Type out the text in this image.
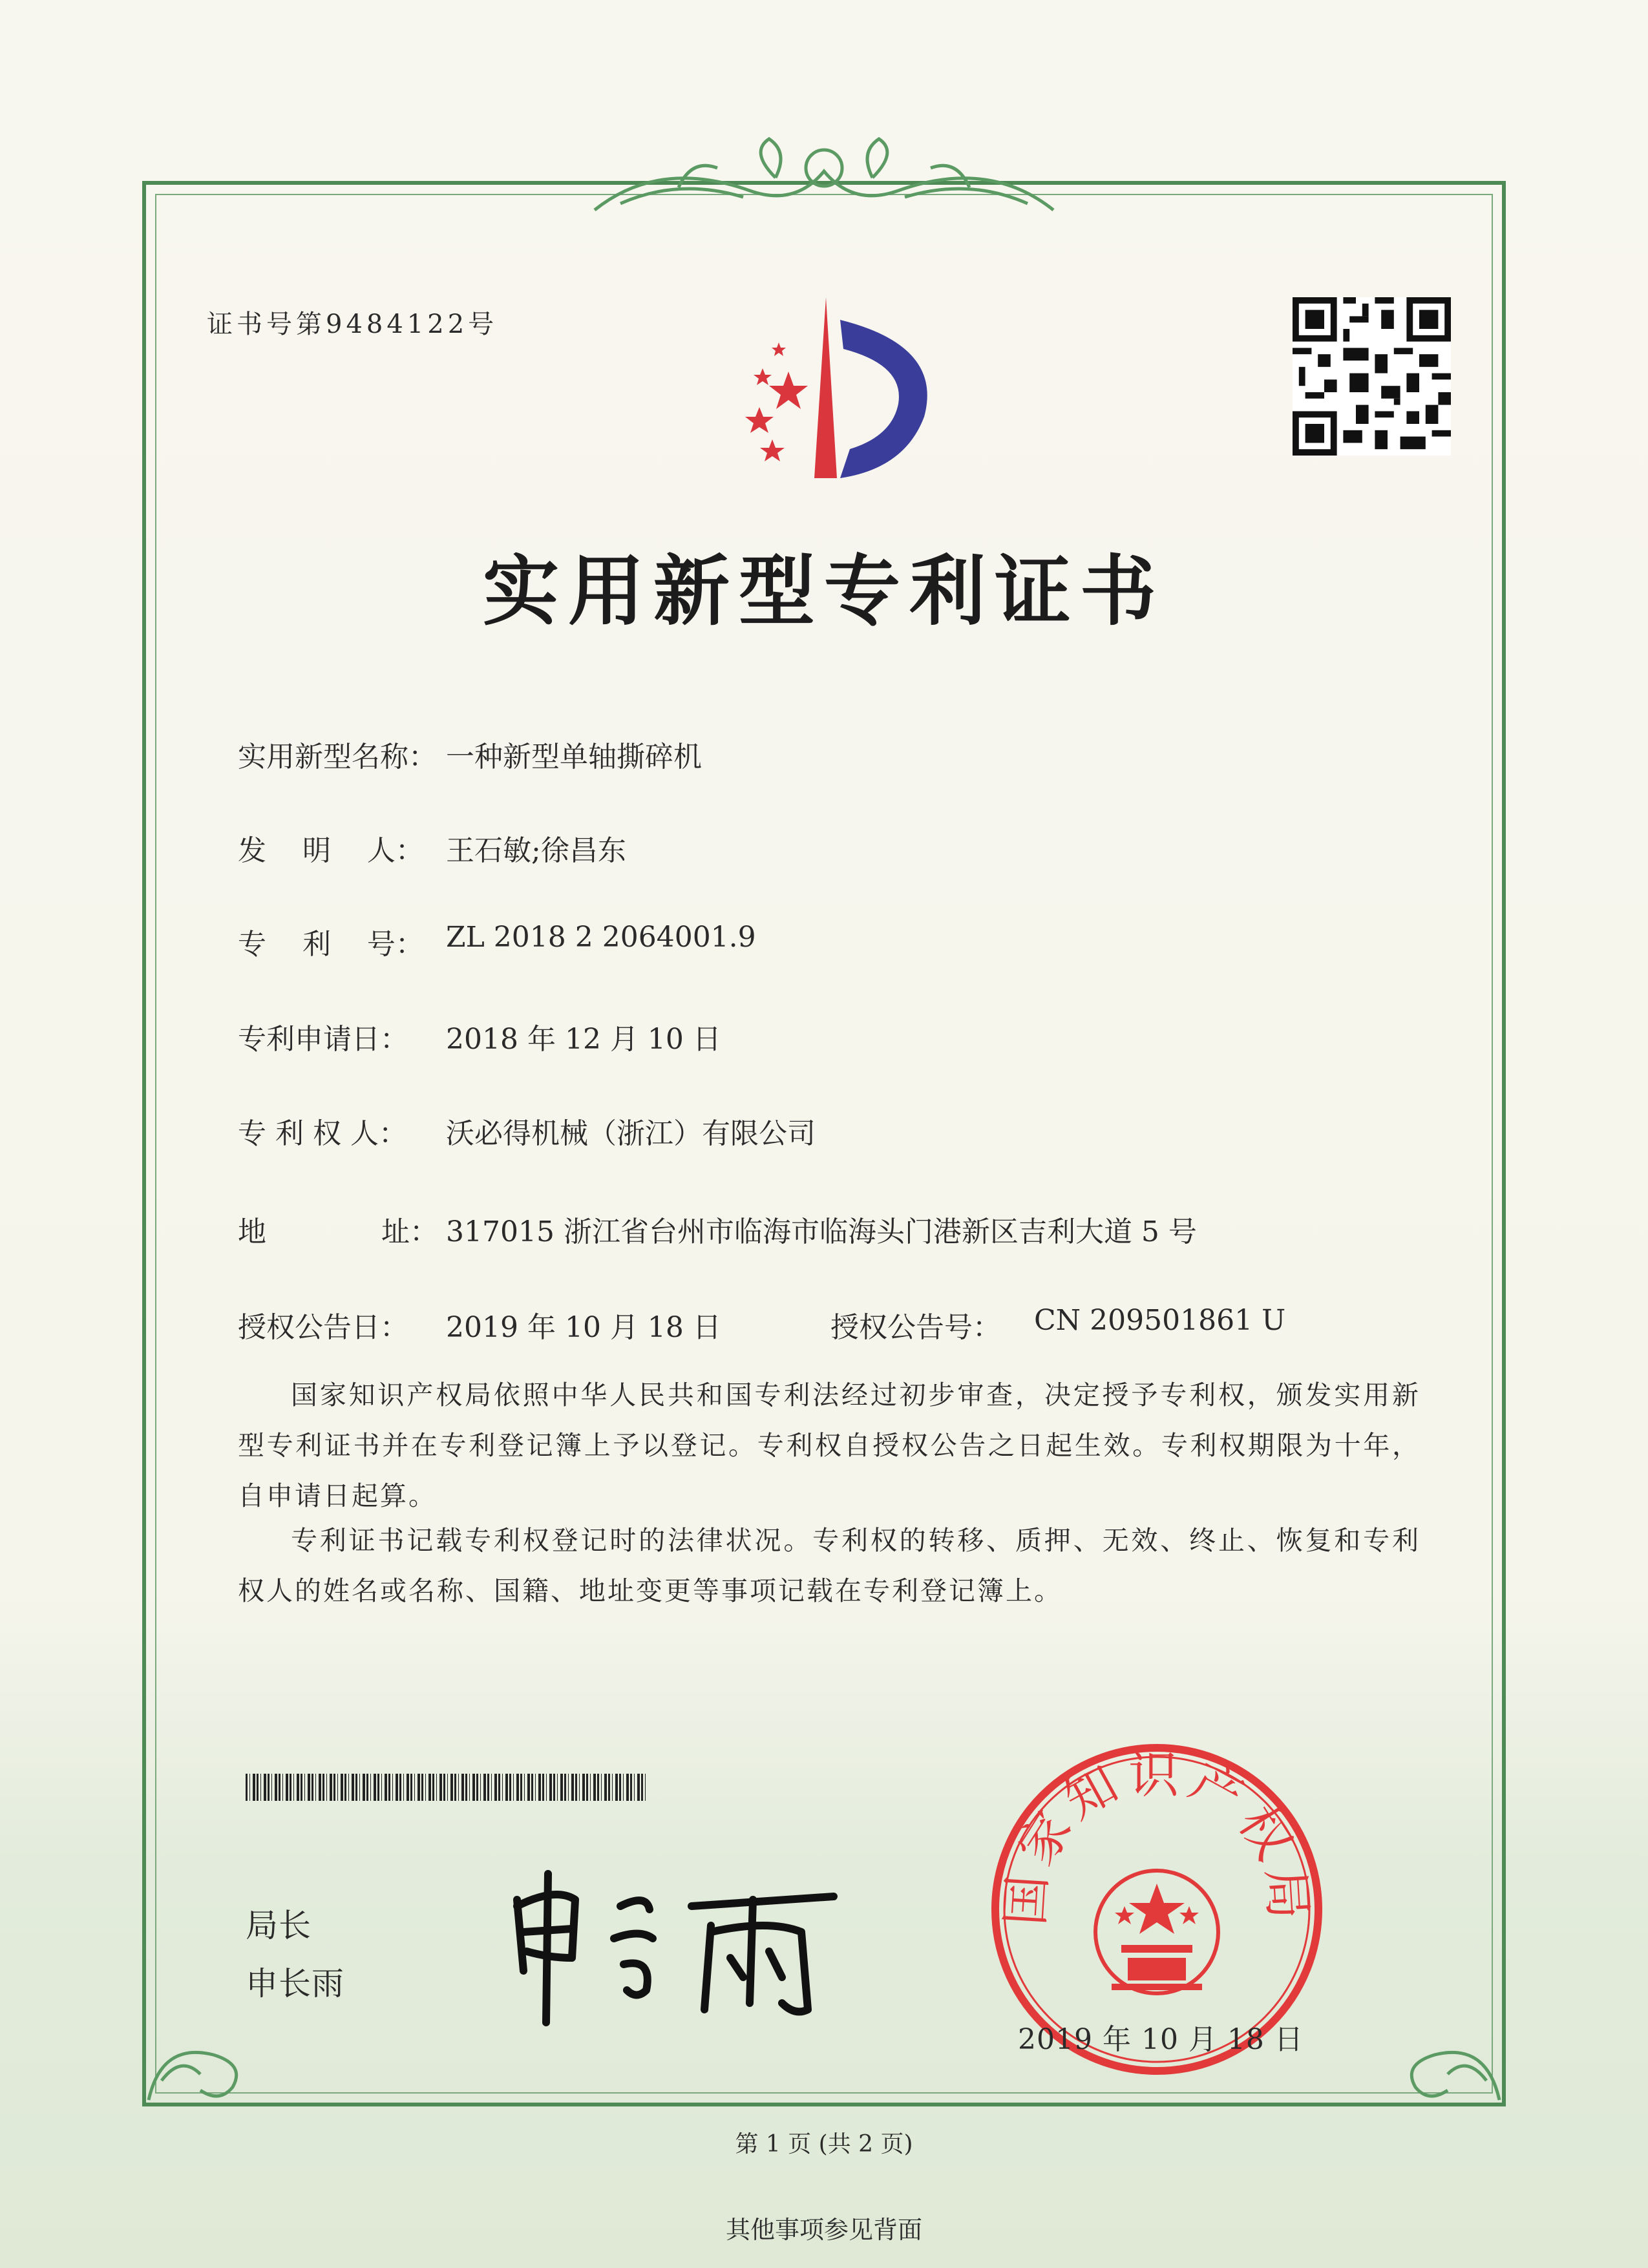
证书号第9484122号
实用新型专利证书
实用新型名称： 一种新型单轴撕碎机
发    明    人： 王石敏;徐昌东
专    利    号： ZL 2018 2 2064001.9
专利申请日： 2018 年 12 月 10 日
专 利 权 人： 沃必得机械（浙江）有限公司
地	址： 317015 浙江省台州市临海市临海头门港新区吉利大道 5 号
授权公告日： 2019 年 10 月 18 日	授权公告号： CN 209501861 U
国家知识产权局依照中华人民共和国专利法经过初步审查，决定授予专利权，颁发实用新型专利证书并在专利登记簿上予以登记。专利权自授权公告之日起生效。专利权期限为十年，自申请日起算。
专利证书记载专利权登记时的法律状况。专利权的转移、质押、无效、终止、恢复和专利权人的姓名或名称、国籍、地址变更等事项记载在专利登记簿上。
局长
申长雨
国家知识产权局
2019 年 10 月 18 日
第 1 页 (共 2 页)
其他事项参见背面
